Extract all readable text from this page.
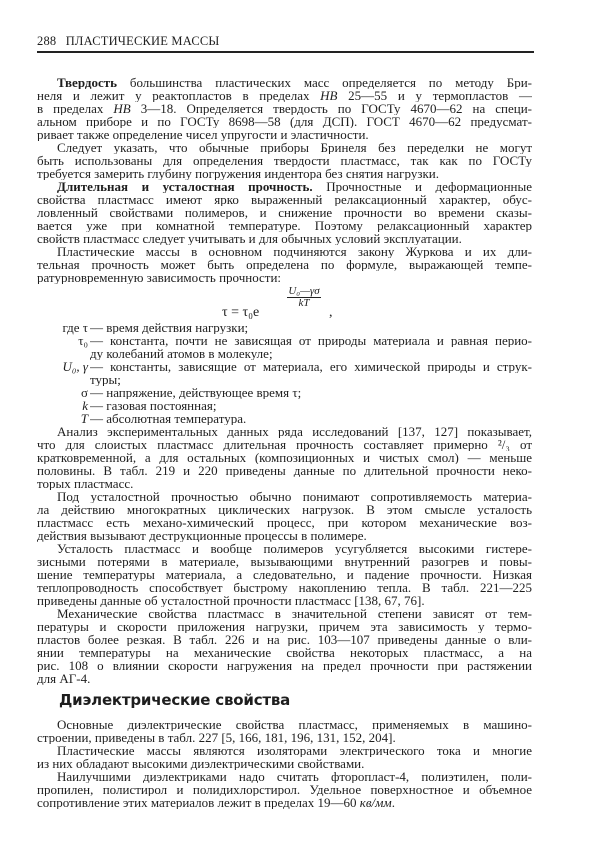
288 ПЛАСТИЧЕСКИЕ МАССЫ
Твердость большинства пластических масс определяется по методу Бри-
неля и лежит у реактопластов в пределах НВ 25—55 и у термопластов —
в пределах НВ 3—18. Определяется твердость по ГОСТу 4670—62 на специ-
альном приборе и по ГОСТу 8698—58 (для ДСП). ГОСТ 4670—62 предусмат-
ривает также определение чисел упругости и эластичности.
Следует указать, что обычные приборы Бринеля без переделки не могут
быть использованы для определения твердости пластмасс, так как по ГОСТу
требуется замерить глубину погружения индентора без снятия нагрузки.
Длительная и усталостная прочность. Прочностные и деформационные
свойства пластмасс имеют ярко выраженный релаксационный характер, обус-
ловленный свойствами полимеров, и снижение прочности во времени сказы-
вается уже при комнатной температуре. Поэтому релаксационный характер
свойств пластмасс следует учитывать и для обычных условий эксплуатации.
Пластические массы в основном подчиняются закону Журкова и их дли-
тельная прочность может быть определена по формуле, выражающей темпе-
ратурновременную зависимость прочности:
τ = τ₀e
U₀—γσ
kT
,
где τ — время действия нагрузки;
τ₀ — константа, почти не зависящая от природы материала и равная перио-
ду колебаний атомов в молекуле;
U₀, γ — константы, зависящие от материала, его химической природы и струк-
туры;
σ — напряжение, действующее время τ;
k — газовая постоянная;
T — абсолютная температура.
Анализ экспериментальных данных ряда исследований [137, 127] показывает,
что для слоистых пластмасс длительная прочность составляет примерно ²/₃ от
кратковременной, а для остальных (композиционных и чистых смол) — меньше
половины. В табл. 219 и 220 приведены данные по длительной прочности неко-
торых пластмасс.
Под усталостной прочностью обычно понимают сопротивляемость материа-
ла действию многократных циклических нагрузок. В этом смысле усталость
пластмасс есть механо-химический процесс, при котором механические воз-
действия вызывают деструкционные процессы в полимере.
Усталость пластмасс и вообще полимеров усугубляется высокими гистере-
зисными потерями в материале, вызывающими внутренний разогрев и повы-
шение температуры материала, а следовательно, и падение прочности. Низкая
теплопроводность способствует быстрому накоплению тепла. В табл. 221—225
приведены данные об усталостной прочности пластмасс [138, 67, 76].
Механические свойства пластмасс в значительной степени зависят от тем-
пературы и скорости приложения нагрузки, причем эта зависимость у термо-
пластов более резкая. В табл. 226 и на рис. 103—107 приведены данные о вли-
янии температуры на механические свойства некоторых пластмасс, а на
рис. 108 о влиянии скорости нагружения на предел прочности при растяжении
для АГ-4.
Диэлектрические свойства
Основные диэлектрические свойства пластмасс, применяемых в машино-
строении, приведены в табл. 227 [5, 166, 181, 196, 131, 152, 204].
Пластические массы являются изоляторами электрического тока и многие
из них обладают высокими диэлектрическими свойствами.
Наилучшими диэлектриками надо считать фторопласт-4, полиэтилен, поли-
пропилен, полистирол и полидихлорстирол. Удельное поверхностное и объемное
сопротивление этих материалов лежит в пределах 19—60 кв/мм.
